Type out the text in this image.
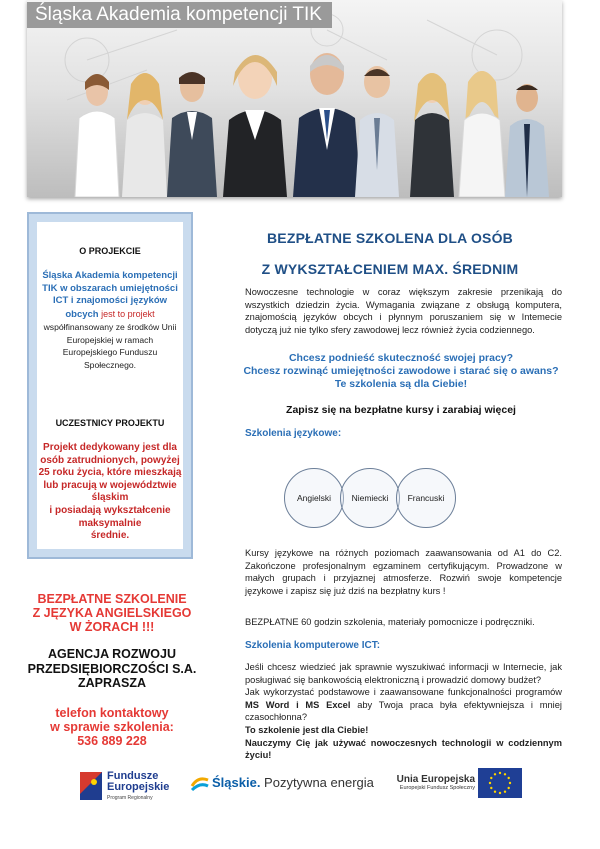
Śląska Akademia kompetencji TIK
O PROJEKCIE
Śląska Akademia kompetencji
TIK w obszarach umiejętności
ICT i znajomości języków
obcych jest to projekt
współfinansowany ze środków Unii
Europejskiej w ramach
Europejskiego Funduszu
Społecznego.
UCZESTNICY PROJEKTU
Projekt dedykowany jest dla
osób zatrudnionych, powyżej
25 roku życia, które mieszkają
lub pracują w województwie
śląskim
i posiadają wykształcenie
maksymalnie
średnie.
BEZPŁATNE SZKOLENIE
Z JĘZYKA ANGIELSKIEGO
W ŻORACH !!!
AGENCJA ROZWOJU
PRZEDSIĘBIORCZOŚCI S.A.
ZAPRASZA
telefon kontaktowy
w sprawie szkolenia:
536 889 228
BEZPŁATNE SZKOLENA DLA OSÓB
Z WYKSZTAŁCENIEM MAX. ŚREDNIM
Nowoczesne technologie w coraz większym zakresie przenikają do wszystkich dziedzin życia. Wymagania związane z obsługą komputera, znajomością języków obcych i płynnym poruszaniem się w Intemecie dotyczą już nie tylko sfery zawodowej lecz również życia codziennego.
Chcesz podnieść skuteczność swojej pracy?
Chcesz rozwinąć umiejętności zawodowe i starać się o awans?
Te szkolenia są dla Ciebie!
Zapisz się na bezpłatne kursy i zarabiaj więcej
Szkolenia językowe:
Angielski	Niemiecki	Francuski
Kursy językowe na różnych poziomach zaawansowania od A1 do C2. Zakończone profesjonalnym egzaminem certyfikującym. Prowadzone w małych grupach i przyjaznej atmosferze. Rozwiń swoje kompetencje językowe i zapisz się już dziś na bezpłatny kurs !
BEZPŁATNE 60 godzin szkolenia, materiały pomocnicze i podręczniki.
Szkolenia komputerowe ICT:
Jeśli chcesz wiedzieć jak sprawnie wyszukiwać informacji w Internecie, jak posługiwać się bankowością elektroniczną i prowadzić domowy budżet?
Jak wykorzystać podstawowe i zaawansowane funkcjonalności programów MS Word i MS Excel aby Twoja praca była efektywniejsza i mniej czasochłonna?
To szkolenie jest dla Ciebie!
Nauczymy Cię jak używać nowoczesnych technologii w codziennym życiu!
Fundusze
Europejskie
Program Regionalny
Śląskie. Pozytywna energia	Unia Europejska
Europejski Fundusz Społeczny
